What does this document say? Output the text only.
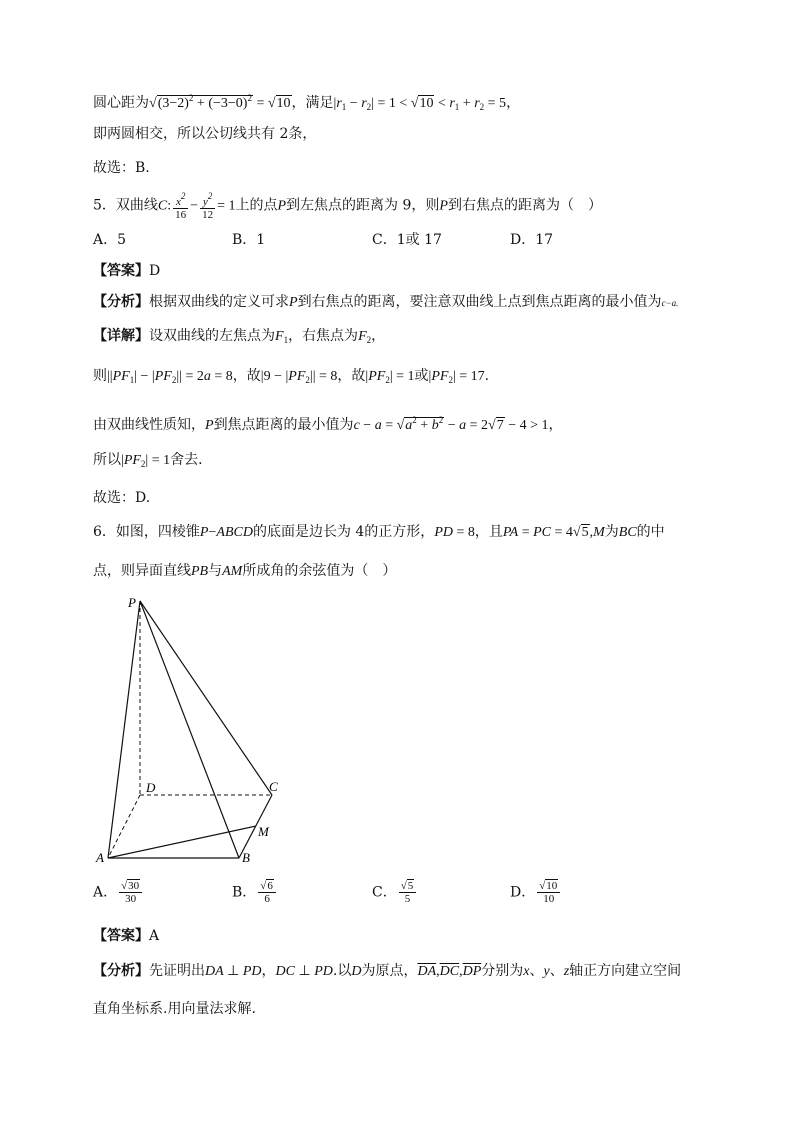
圆心距为$√(3-2)^2 + (-3-0)^2 = √10$，满足$|r_1 - r_2| = 1 < √10 < r_1 + r_2 = 5$，
即两圆相交，所以公切线共有 2条，
故选：B.
5．双曲线C: $\frac{x^2}{16} - \frac{y^2}{12} = 1$上的点P到左焦点的距离为 9，则P到右焦点的距离为（　）
A．5	B．1	C．1或 17	D．17
【答案】D
【分析】根据双曲线的定义可求P到右焦点的距离，要注意双曲线上点到焦点距离的最小值为c−a.
【详解】设双曲线的左焦点为$F_1$，右焦点为$F_2$，
则$||PF_1| - |PF_2|| = 2a = 8$，故$|9 - |PF_2|| = 8$，故$|PF_2| = 1$或$|PF_2| = 17$.
由双曲线性质知，P到焦点距离的最小值为$c - a = √a^2 + b^2 - a = 2√7 - 4 > 1$，
所以$|PF_2| = 1$舍去.
故选：D.
6．如图，四棱锥P−ABCD的底面是边长为 4的正方形，PD = 8，且PA = PC = 4√5,M为BC的中
点，则异面直线PB与AM所成角的余弦值为（　）
P
D	C
M
A	B
A． $\frac{√30}{30}$	B． $\frac{√6}{6}$	C． $\frac{√5}{5}$	D． $\frac{√10}{10}$
【答案】A
【分析】先证明出DA ⊥ PD，DC ⊥ PD.以D为原点，$\overline{DA},\overline{DC},\overline{DP}$分别为x、y、z轴正方向建立空间
直角坐标系.用向量法求解.
